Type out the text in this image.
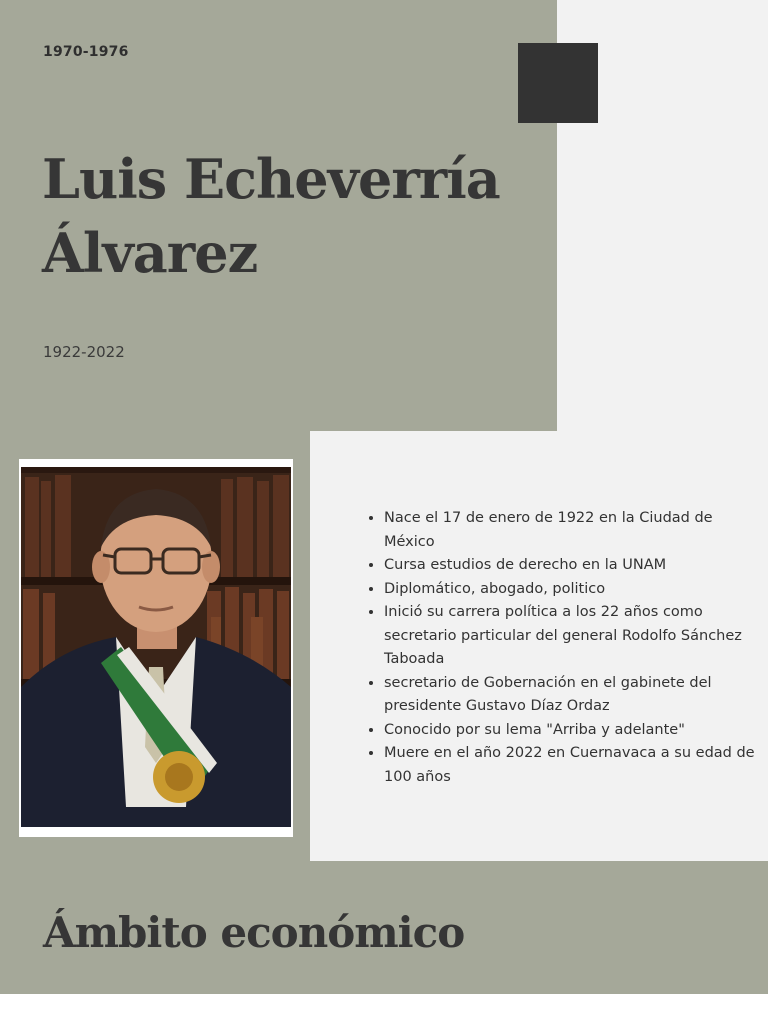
1970-1976
Luis Echeverría Álvarez
1922-2022
• Nace el 17 de enero de 1922 en la Ciudad de México
• Cursa estudios de derecho en la UNAM
• Diplomático, abogado, politico
• Inició su carrera política a los 22 años como secretario particular del general Rodolfo Sánchez Taboada
• secretario de Gobernación en el gabinete del presidente Gustavo Díaz Ordaz
• Conocido por su lema "Arriba y adelante"
• Muere en el año 2022 en Cuernavaca a su edad de 100 años
Ámbito económico
